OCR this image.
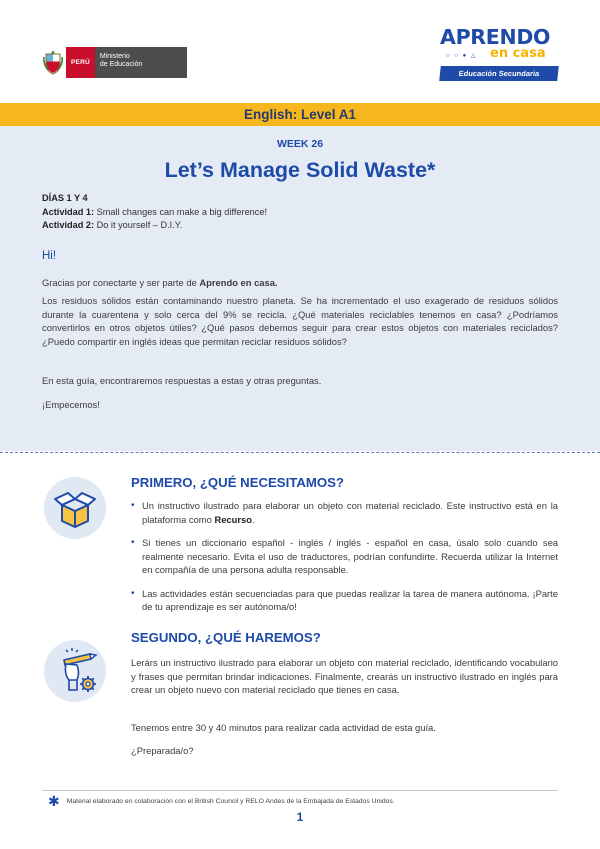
PERÚ
Ministerio
de Educación
APRENDO
○ ○ ● △ en casa
Educación Secundaria
English: Level A1
WEEK 26
Let’s Manage Solid Waste*
DÍAS 1 Y 4
Actividad 1: Small changes can make a big difference!
Actividad 2: Do it yourself – D.I.Y.
Hi!

Gracias por conectarte y ser parte de Aprendo en casa.

Los residuos sólidos están contaminando nuestro planeta. Se ha incrementado el uso exagerado de residuos sólidos durante la cuarentena y solo cerca del 9% se recicla. ¿Qué materiales reciclables tenemos en casa? ¿Podríamos convertirlos en otros objetos útiles? ¿Qué pasos debemos seguir para crear estos objetos con materiales reciclados? ¿Puedo compartir en inglés ideas que permitan reciclar residuos sólidos?

En esta guía, encontraremos respuestas a estas y otras preguntas.

¡Empecemos!

PRIMERO, ¿QUÉ NECESITAMOS?
• Un instructivo ilustrado para elaborar un objeto con material reciclado. Este instructivo está en la plataforma como Recurso.
• Si tienes un diccionario español - inglés / inglés - español en casa, úsalo solo cuando sea realmente necesario. Evita el uso de traductores, podrían confundirte. Recuerda utilizar la Internet en compañía de una persona adulta responsable.
• Las actividades están secuenciadas para que puedas realizar la tarea de manera autónoma. ¡Parte de tu aprendizaje es ser autónoma/o!
SEGUNDO, ¿QUÉ HAREMOS?

Lerárs un instructivo ilustrado para elaborar un objeto con material reciclado, identificando vocabulario y frases que permitan brindar indicaciones. Finalmente, crearás un instructivo ilustrado en inglés para crear un objeto nuevo con material reciclado que tienes en casa.

Tenemos entre 30 y 40 minutos para realizar cada actividad de esta guía.

¿Preparada/o?

✱ Material elaborado en colaboración con el British Council y RELO Andes de la Embajada de Estados Unidos.
1
